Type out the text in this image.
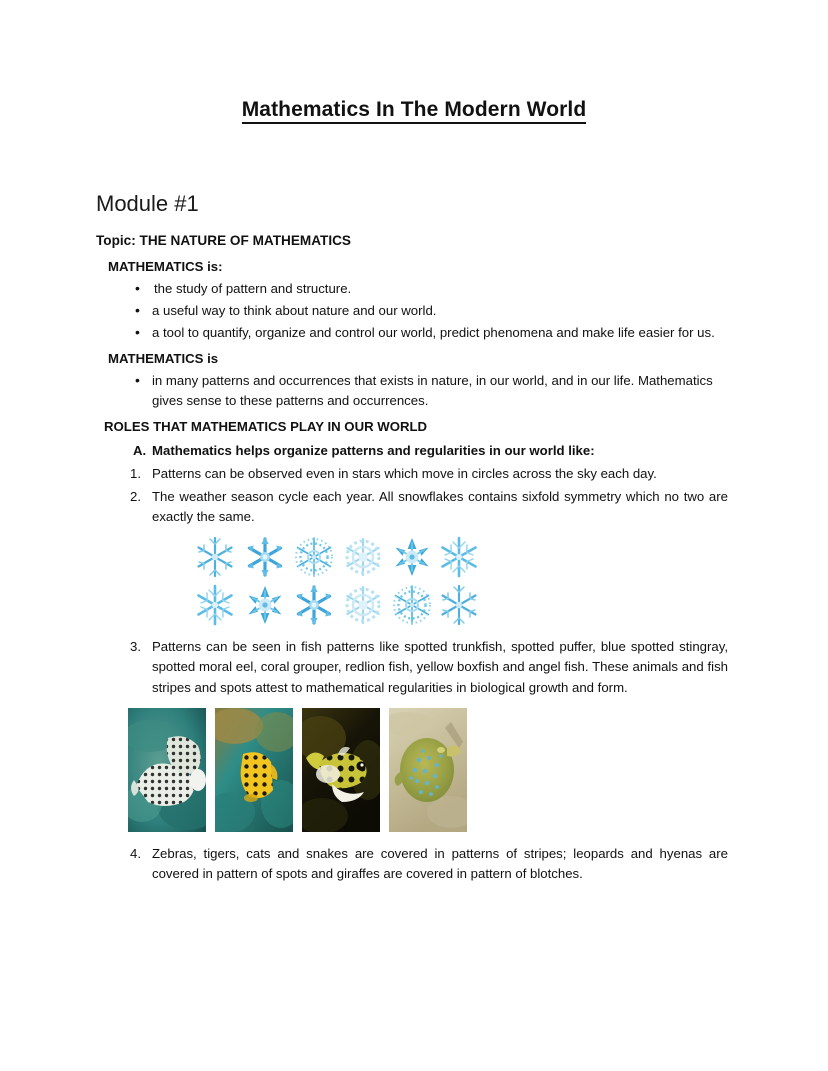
Mathematics In The Modern World
Module #1
Topic: THE NATURE OF MATHEMATICS
MATHEMATICS is:
• the study of pattern and structure.
• a useful way to think about nature and our world.
• a tool to quantify, organize and control our world, predict phenomena and make life easier for us.
MATHEMATICS is
• in many patterns and occurrences that exists in nature, in our world, and in our life. Mathematics gives sense to these patterns and occurrences.
ROLES THAT MATHEMATICS PLAY IN OUR WORLD
A. Mathematics helps organize patterns and regularities in our world like:
1. Patterns can be observed even in stars which move in circles across the sky each day.
2. The weather season cycle each year. All snowflakes contains sixfold symmetry which no two are exactly the same.
3. Patterns can be seen in fish patterns like spotted trunkfish, spotted puffer, blue spotted stingray, spotted moral eel, coral grouper, redlion fish, yellow boxfish and angel fish. These animals and fish stripes and spots attest to mathematical regularities in biological growth and form.
4. Zebras, tigers, cats and snakes are covered in patterns of stripes; leopards and hyenas are covered in pattern of spots and giraffes are covered in pattern of blotches.
